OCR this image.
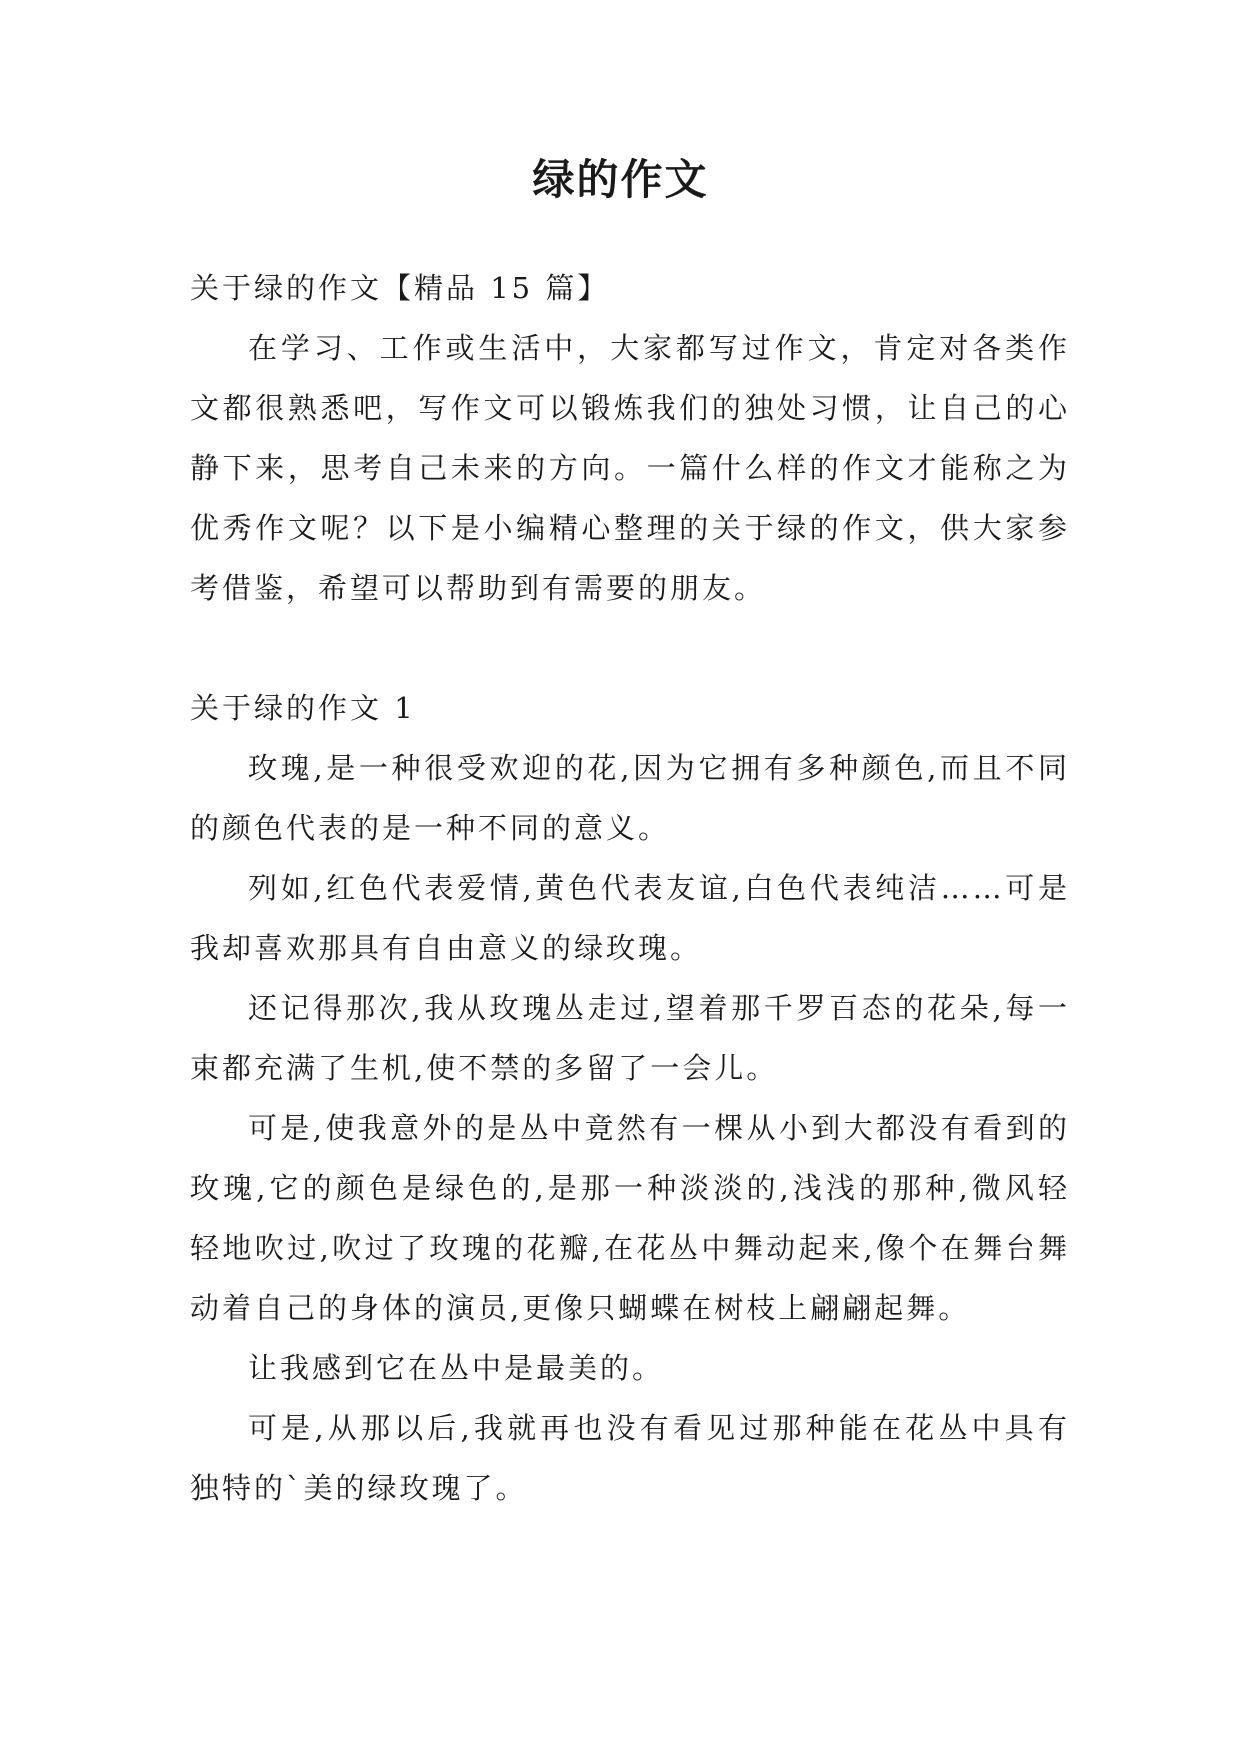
绿的作文

关于绿的作文【精品 15 篇】

在学习、工作或生活中，大家都写过作文，肯定对各类作文都很熟悉吧，写作文可以锻炼我们的独处习惯，让自己的心静下来，思考自己未来的方向。一篇什么样的作文才能称之为优秀作文呢？以下是小编精心整理的关于绿的作文，供大家参考借鉴，希望可以帮助到有需要的朋友。

关于绿的作文 1

玫瑰,是一种很受欢迎的花,因为它拥有多种颜色,而且不同的颜色代表的是一种不同的意义。

列如,红色代表爱情,黄色代表友谊,白色代表纯洁……可是我却喜欢那具有自由意义的绿玫瑰。

还记得那次,我从玫瑰丛走过,望着那千罗百态的花朵,每一束都充满了生机,使不禁的多留了一会儿。

可是,使我意外的是丛中竟然有一棵从小到大都没有看到的玫瑰,它的颜色是绿色的,是那一种淡淡的,浅浅的那种,微风轻轻地吹过,吹过了玫瑰的花瓣,在花丛中舞动起来,像个在舞台舞动着自己的身体的演员,更像只蝴蝶在树枝上翩翩起舞。

让我感到它在丛中是最美的。

可是,从那以后,我就再也没有看见过那种能在花丛中具有独特的`美的绿玫瑰了。
